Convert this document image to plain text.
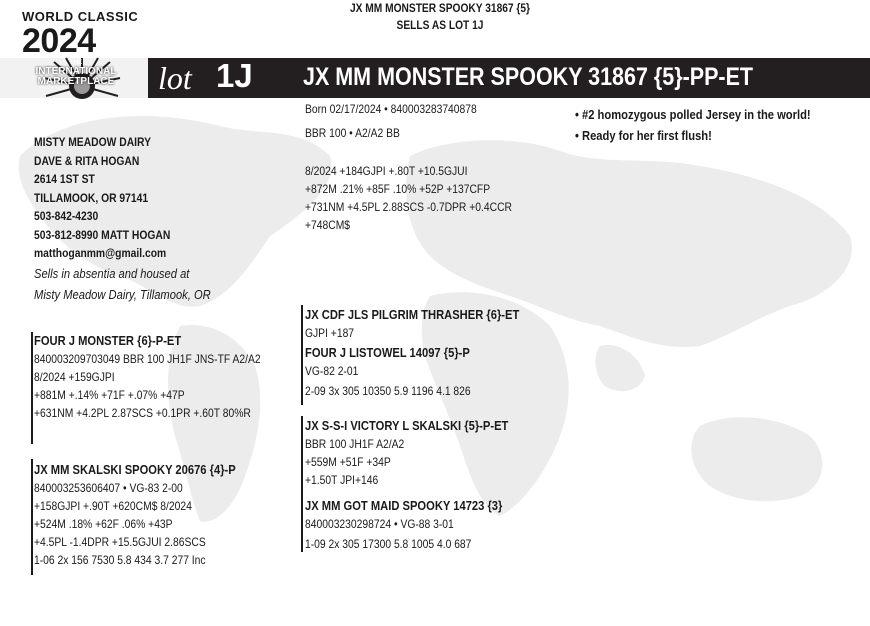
JX MM MONSTER SPOOKY 31867 {5}
SELLS AS LOT 1J
WORLD CLASSIC
2024
THE
INTERNATIONAL
MARKETPLACE lot 1J JX MM MONSTER SPOOKY 31867 {5}-PP-ET
Born 02/17/2024 • 840003283740878
BBR 100 • A2/A2 BB
8/2024 +184GJPI +.80T +10.5GJUI
+872M .21% +85F .10% +52P +137CFP
+731NM +4.5PL 2.88SCS -0.7DPR +0.4CCR
+748CM$
• #2 homozygous polled Jersey in the world!
• Ready for her first flush!
MISTY MEADOW DAIRY
DAVE & RITA HOGAN
2614 1ST ST
TILLAMOOK, OR 97141
503-842-4230
503-812-8990 MATT HOGAN
matthoganmm@gmail.com
Sells in absentia and housed at
Misty Meadow Dairy, Tillamook, OR
FOUR J MONSTER {6}-P-ET
840003209703049 BBR 100 JH1F JNS-TF A2/A2
8/2024 +159GJPI
+881M +.14% +71F +.07% +47P
+631NM +4.2PL 2.87SCS +0.1PR +.60T 80%R
JX MM SKALSKI SPOOKY 20676 {4}-P
840003253606407 • VG-83 2-00
+158GJPI +.90T +620CM$ 8/2024
+524M .18% +62F .06% +43P
+4.5PL -1.4DPR +15.5GJUI 2.86SCS
1-06 2x 156 7530 5.8 434 3.7 277 Inc
JX CDF JLS PILGRIM THRASHER {6}-ET
GJPI +187
FOUR J LISTOWEL 14097 {5}-P
VG-82 2-01
2-09 3x 305 10350 5.9 1196 4.1 826
JX S-S-I VICTORY L SKALSKI {5}-P-ET
BBR 100 JH1F A2/A2
+559M +51F +34P
+1.50T JPI+146
JX MM GOT MAID SPOOKY 14723 {3}
840003230298724 • VG-88 3-01
1-09 2x 305 17300 5.8 1005 4.0 687
